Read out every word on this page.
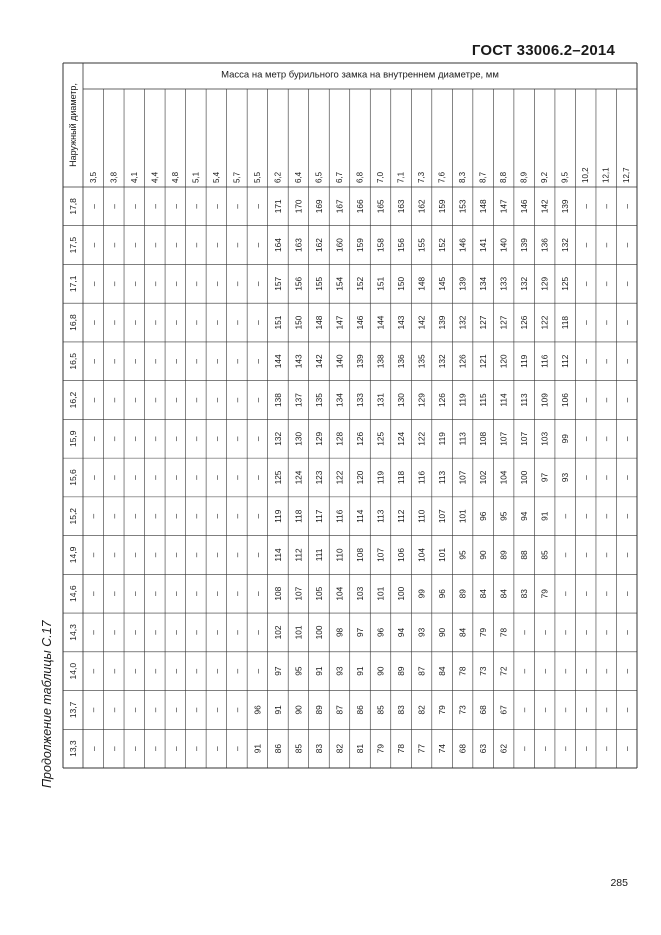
ГОСТ 33006.2–2014
Продолжение таблицы С.17
Масса на метр бурильного замка на внутреннем диаметре, мм
Наружный диаметр,
3,5 3,8 4,1 4,4 4,8 5,1 5,4 5,7 5,5 6,2 6,4 6,5 6,7 6,8 7,0 7,1 7,3 7,6 8,3 8,7 8,8 8,9 9,2 9,5 10,2 12,1 12,7
17,8 – – – – – – – – – 171 170 169 167 166 165 163 162 159 153 148 147 146 142 139 – – –
17,5 – – – – – – – – – 164 163 162 160 159 158 156 155 152 146 141 140 139 136 132 – – –
17,1 – – – – – – – – – 157 156 155 154 152 151 150 148 145 139 134 133 132 129 125 – – –
16,8 – – – – – – – – – 151 150 148 147 146 144 143 142 139 132 127 127 126 122 118 – – –
16,5 – – – – – – – – – 144 143 142 140 139 138 136 135 132 126 121 120 119 116 112 – – –
16,2 – – – – – – – – – 138 137 135 134 133 131 130 129 126 119 115 114 113 109 106 – – –
15,9 – – – – – – – – – 132 130 129 128 126 125 124 122 119 113 108 107 107 103 99 – – –
15,6 – – – – – – – – – 125 124 123 122 120 119 118 116 113 107 102 104 100 97 93 – – –
15,2 – – – – – – – – – 119 118 117 116 114 113 112 110 107 101 96 95 94 91 – – – –
14,9 – – – – – – – – – 114 112 111 110 108 107 106 104 101 95 90 89 88 85 – – – –
14,6 – – – – – – – – – 108 107 105 104 103 101 100 99 96 89 84 84 83 79 – – – –
14,3 – – – – – – – – – 102 101 100 98 97 96 94 93 90 84 79 78 – – – – – –
14,0 – – – – – – – – – 97 95 91 93 91 90 89 87 84 78 73 72 – – – – – –
13,7 – – – – – – – – 96 91 90 89 87 86 85 83 82 79 73 68 67 – – – – – –
13,3 – – – – – – – – 91 86 85 83 82 81 79 78 77 74 68 63 62 – – – – – –
285
